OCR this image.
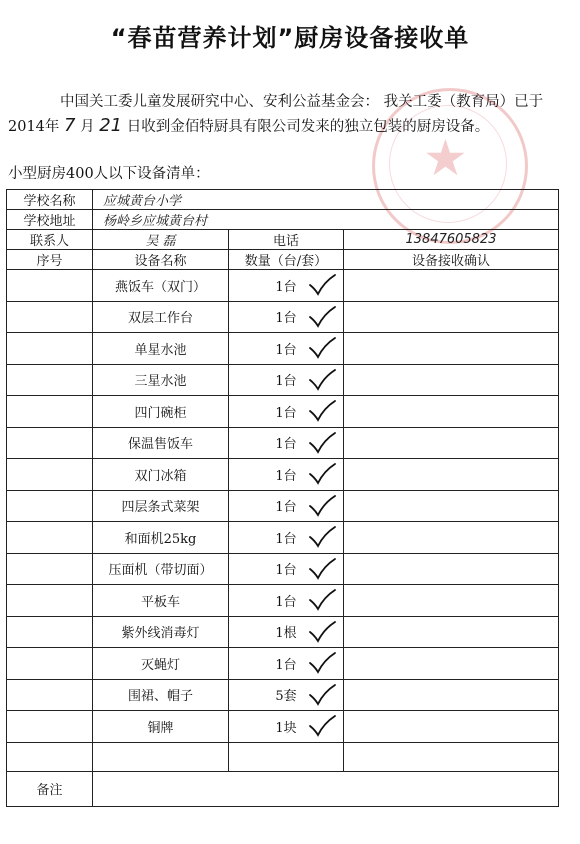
“春苗营养计划”厨房设备接收单
★
中国关工委儿童发展研究中心、安利公益基金会： 我关工委（教育局）已于2014年 7 月 21 日收到金佰特厨具有限公司发来的独立包装的厨房设备。
小型厨房400人以下设备清单：
学校名称	应城黄台小学		
学校地址	杨岭乡应城黄台村		
联系人	吴 磊	电话	13847605823
序号	设备名称	数量（台/套）	设备接收确认
	燕饭车（双门）	1台

	双层工作台	1台

	单星水池	1台

	三星水池	1台

	四门碗柜	1台

	保温售饭车	1台

	双门冰箱	1台

	四层条式菜架	1台

	和面机25kg	1台

	压面机（带切面）	1台

	平板车	1台

	紫外线消毒灯	1根

	灭蝇灯	1台

	围裙、帽子	5套

	铜牌	1块

备注			
